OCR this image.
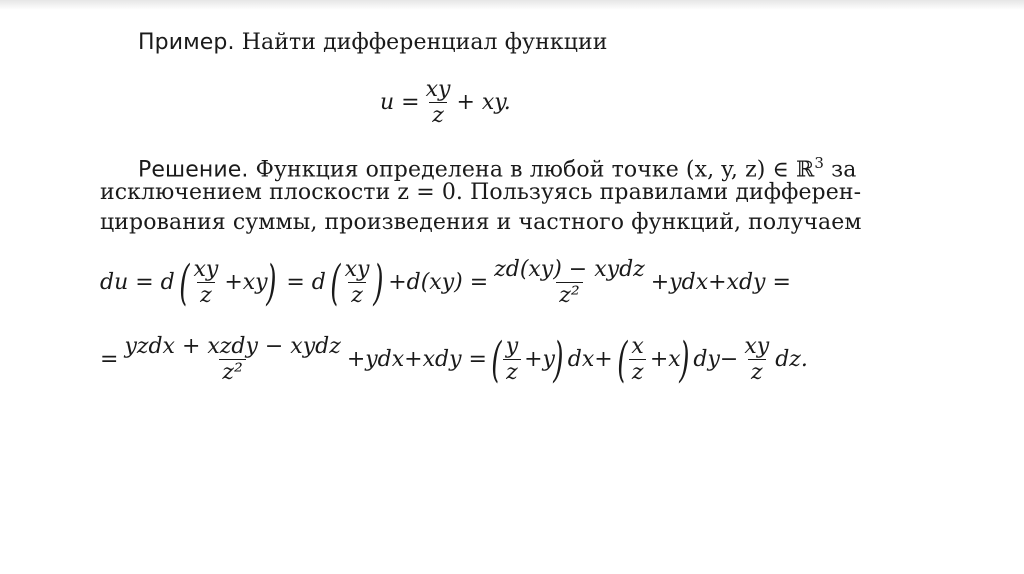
Пример. Найти дифференциал функции
$u = \frac{xy}{z}$ + xy.
Решение. Функция определена в любой точке (x, y, z) ∈ ℝ$^3$ за
исключением плоскости z = 0. Пользуясь правилами дифферен-
цирования суммы, произведения и частного функций, получаем
du = d ( $\frac{xy}{z} +xy$
) = d ( $\frac{xy}{z}$ ) $+d(xy) = \frac{\text{zd(xy) − xydz}}{\text{z²}} +ydx+xdy$ =
= $\frac{\text{yzdx + xzdy − xydz}}{\text{z²}} +ydx+xdy$ = ( $\frac{y}{z} +y$
) dx+ ( $\frac{x}{z} +x$
) $dy- \frac{xy}{z}$ dz.
